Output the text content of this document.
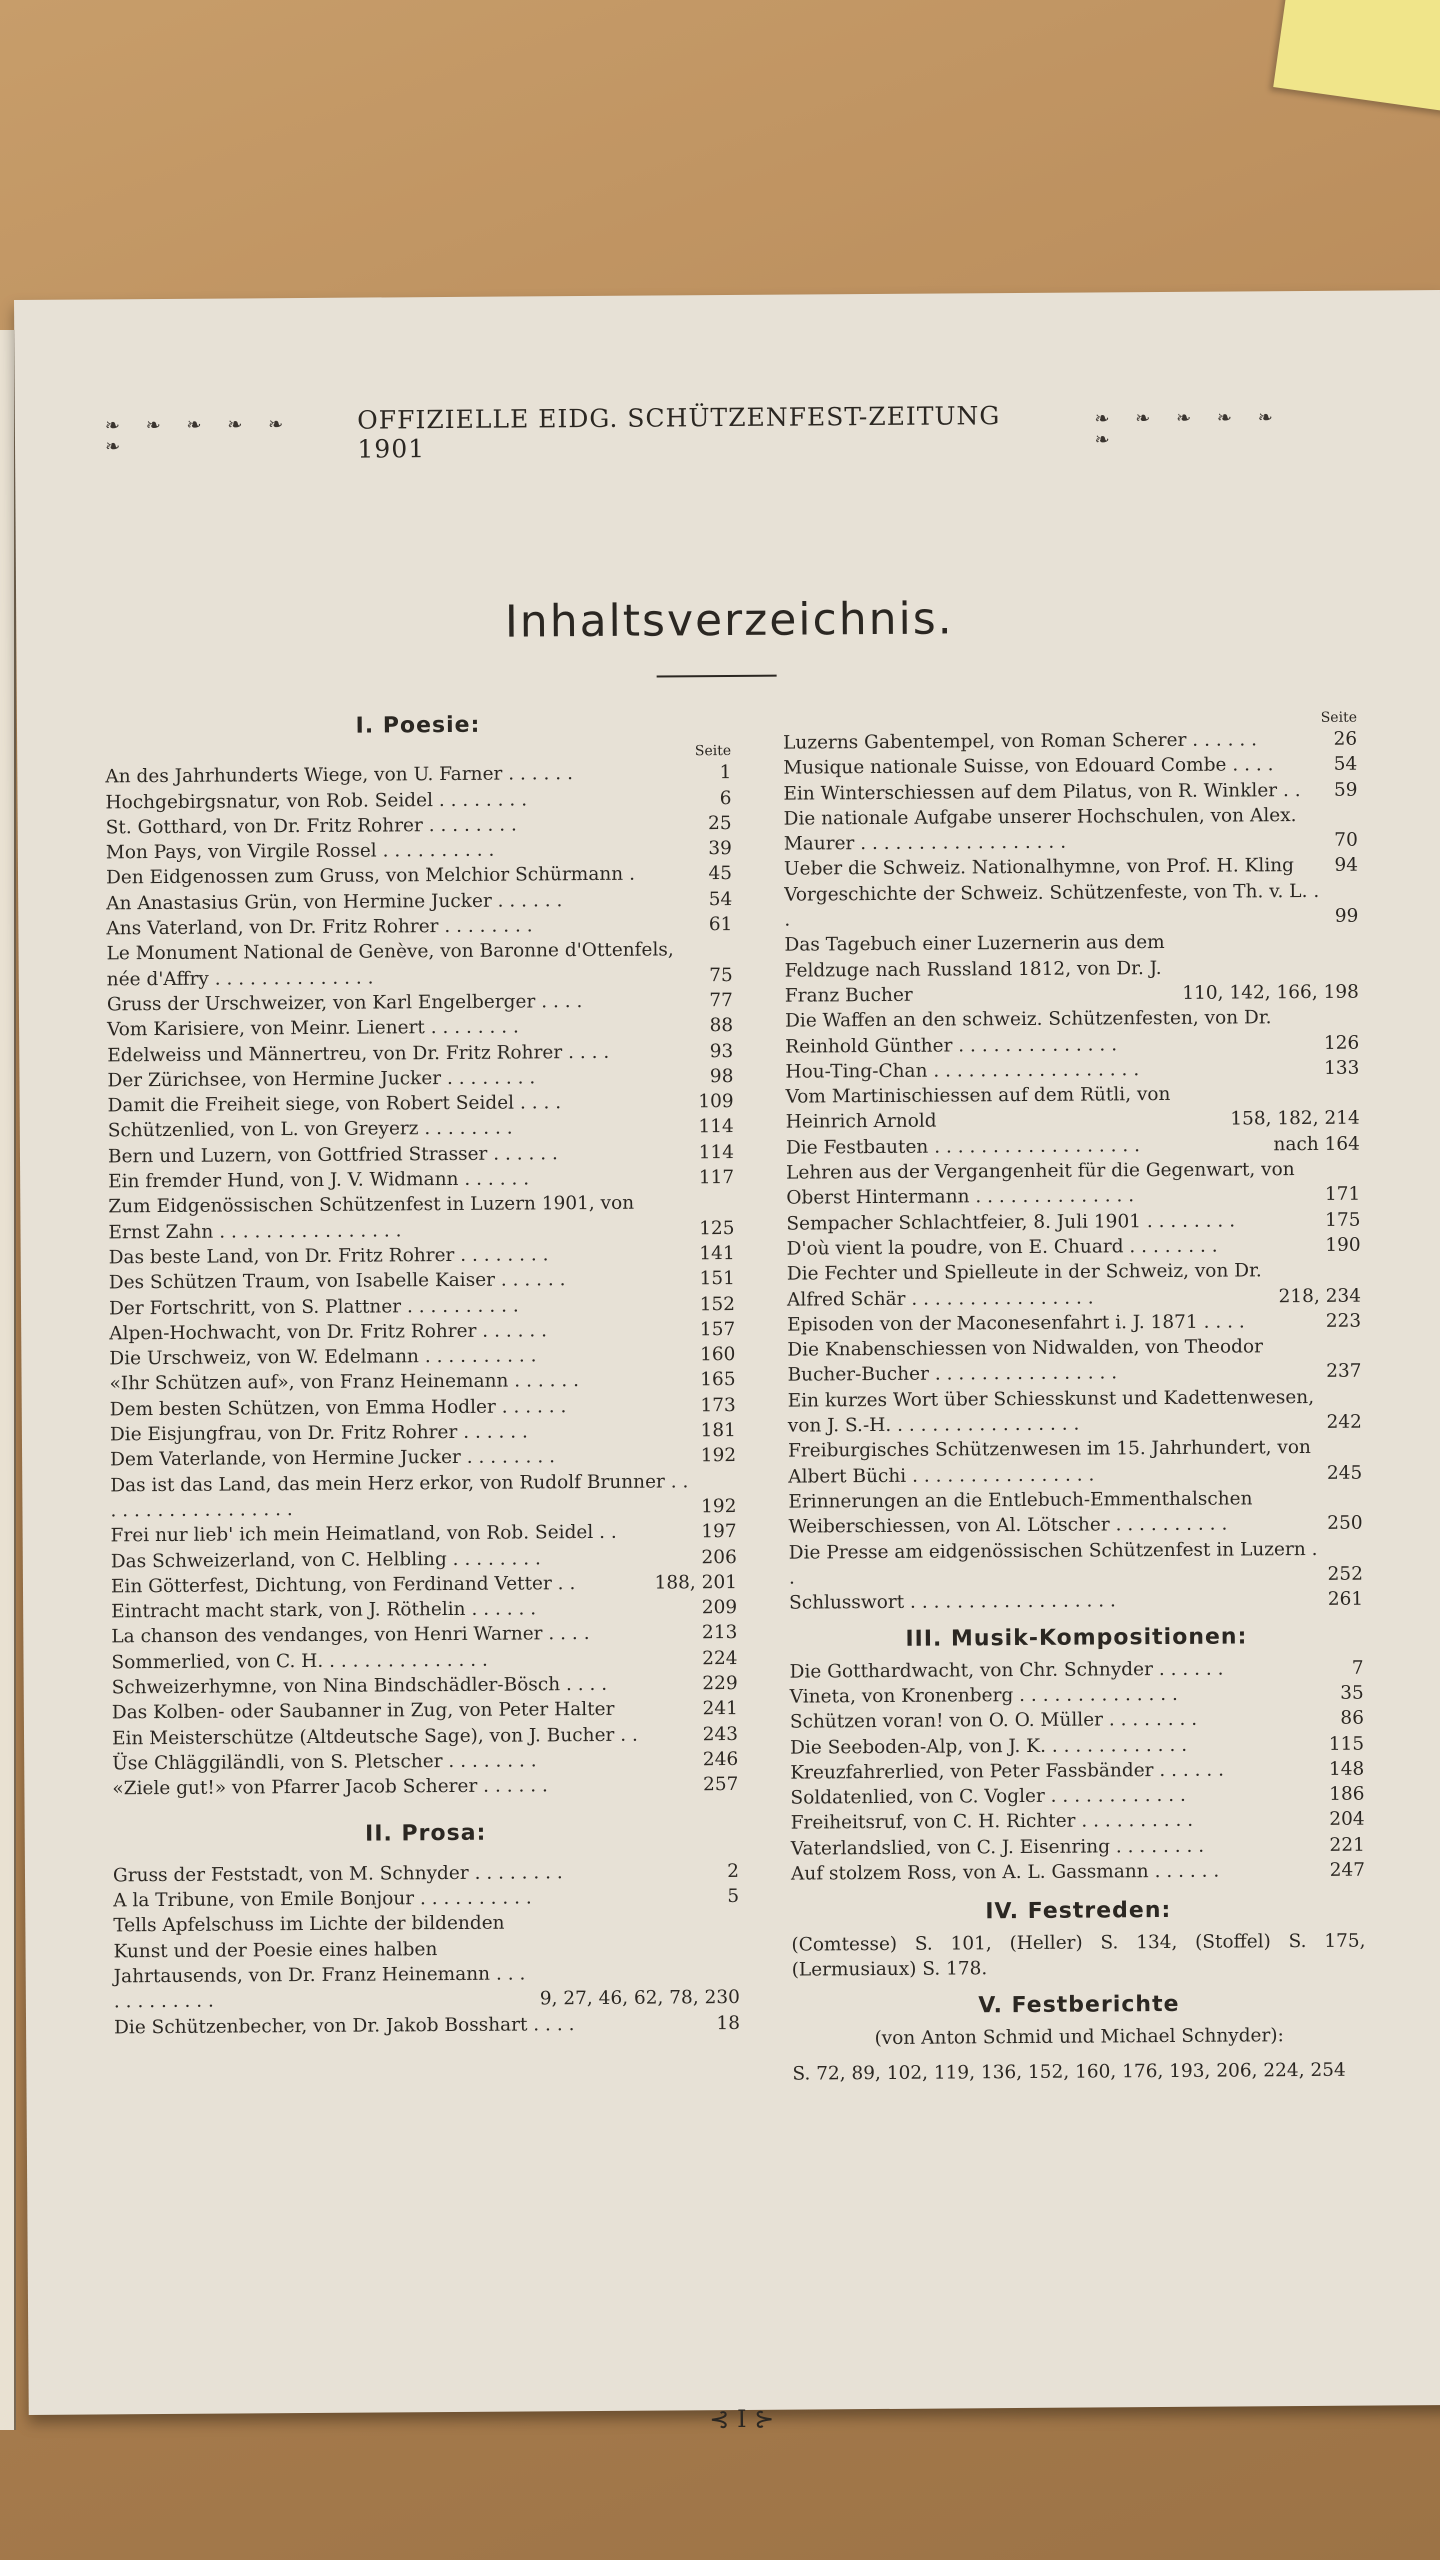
❧ ❧ ❧ ❧ ❧ ❧
OFFIZIELLE EIDG. SCHÜTZENFEST-ZEITUNG 1901
❧ ❧ ❧ ❧ ❧ ❧
Inhaltsverzeichnis.
I. Poesie:
Seite
An des Jahrhunderts Wiege, von U. Farner . . . . . .	1
Hochgebirgsnatur, von Rob. Seidel . . . . . . . .	6
St. Gotthard, von Dr. Fritz Rohrer . . . . . . . .	25
Mon Pays, von Virgile Rossel . . . . . . . . . .	39
Den Eidgenossen zum Gruss, von Melchior Schürmann .	45
An Anastasius Grün, von Hermine Jucker . . . . . .	54
Ans Vaterland, von Dr. Fritz Rohrer . . . . . . . .	61
Le Monument National de Genève, von Baronne d'Ottenfels, née d'Affry . . . . . . . . . . . . . .	75
Gruss der Urschweizer, von Karl Engelberger . . . .	77
Vom Karisiere, von Meinr. Lienert . . . . . . . .	88
Edelweiss und Männertreu, von Dr. Fritz Rohrer . . . .	93
Der Zürichsee, von Hermine Jucker . . . . . . . .	98
Damit die Freiheit siege, von Robert Seidel . . . .	109
Schützenlied, von L. von Greyerz . . . . . . . .	114
Bern und Luzern, von Gottfried Strasser . . . . . .	114
Ein fremder Hund, von J. V. Widmann . . . . . .	117
Zum Eidgenössischen Schützenfest in Luzern 1901, von Ernst Zahn . . . . . . . . . . . . . . . .	125
Das beste Land, von Dr. Fritz Rohrer . . . . . . . .	141
Des Schützen Traum, von Isabelle Kaiser . . . . . .	151
Der Fortschritt, von S. Plattner . . . . . . . . . .	152
Alpen-Hochwacht, von Dr. Fritz Rohrer . . . . . .	157
Die Urschweiz, von W. Edelmann . . . . . . . . . .	160
«Ihr Schützen auf», von Franz Heinemann . . . . . .	165
Dem besten Schützen, von Emma Hodler . . . . . .	173
Die Eisjungfrau, von Dr. Fritz Rohrer . . . . . .	181
Dem Vaterlande, von Hermine Jucker . . . . . . . .	192
Das ist das Land, das mein Herz erkor, von Rudolf Brunner . . . . . . . . . . . . . . . . . .	192
Frei nur lieb' ich mein Heimatland, von Rob. Seidel . .	197
Das Schweizerland, von C. Helbling . . . . . . . .	206
Ein Götterfest, Dichtung, von Ferdinand Vetter . .	188, 201
Eintracht macht stark, von J. Röthelin . . . . . .	209
La chanson des vendanges, von Henri Warner . . . .	213
Sommerlied, von C. H. . . . . . . . . . . . . . .	224
Schweizerhymne, von Nina Bindschädler-Bösch . . . .	229
Das Kolben- oder Saubanner in Zug, von Peter Halter	241
Ein Meisterschütze (Altdeutsche Sage), von J. Bucher . .	243
Üse Chläggiländli, von S. Pletscher . . . . . . . .	246
«Ziele gut!» von Pfarrer Jacob Scherer . . . . . .	257
II. Prosa:
Gruss der Feststadt, von M. Schnyder . . . . . . . .	2
A la Tribune, von Emile Bonjour . . . . . . . . . .	5
Tells Apfelschuss im Lichte der bildenden Kunst und der Poesie eines halben Jahrtausends, von Dr. Franz Heinemann . . . . . . . . . . . .	9, 27, 46, 62, 78, 230
Die Schützenbecher, von Dr. Jakob Bosshart . . . .	18
Seite
Luzerns Gabentempel, von Roman Scherer . . . . . .	26
Musique nationale Suisse, von Edouard Combe . . . .	54
Ein Winterschiessen auf dem Pilatus, von R. Winkler . .	59
Die nationale Aufgabe unserer Hochschulen, von Alex. Maurer . . . . . . . . . . . . . . . . . .	70
Ueber die Schweiz. Nationalhymne, von Prof. H. Kling	94
Vorgeschichte der Schweiz. Schützenfeste, von Th. v. L. . .	99
Das Tagebuch einer Luzernerin aus dem Feldzuge nach Russland 1812, von Dr. J. Franz Bucher	110, 142, 166, 198
Die Waffen an den schweiz. Schützenfesten, von Dr. Reinhold Günther . . . . . . . . . . . . . .	126
Hou-Ting-Chan . . . . . . . . . . . . . . . . . .	133
Vom Martinischiessen auf dem Rütli, von Heinrich Arnold	158, 182, 214
Die Festbauten . . . . . . . . . . . . . . . . . .	nach 164
Lehren aus der Vergangenheit für die Gegenwart, von Oberst Hintermann . . . . . . . . . . . . . .	171
Sempacher Schlachtfeier, 8. Juli 1901 . . . . . . . .	175
D'où vient la poudre, von E. Chuard . . . . . . . .	190
Die Fechter und Spielleute in der Schweiz, von Dr. Alfred Schär . . . . . . . . . . . . . . . .	218, 234
Episoden von der Maconesenfahrt i. J. 1871 . . . .	223
Die Knabenschiessen von Nidwalden, von Theodor Bucher-Bucher . . . . . . . . . . . . . . . .	237
Ein kurzes Wort über Schiesskunst und Kadettenwesen, von J. S.-H. . . . . . . . . . . . . . . . .	242
Freiburgisches Schützenwesen im 15. Jahrhundert, von Albert Büchi . . . . . . . . . . . . . . . .	245
Erinnerungen an die Entlebuch-Emmenthalschen Weiberschiessen, von Al. Lötscher . . . . . . . . . .	250
Die Presse am eidgenössischen Schützenfest in Luzern . .	252
Schlusswort . . . . . . . . . . . . . . . . . .	261
III. Musik-Kompositionen:
Die Gotthardwacht, von Chr. Schnyder . . . . . .	7
Vineta, von Kronenberg . . . . . . . . . . . . . .	35
Schützen voran! von O. O. Müller . . . . . . . .	86
Die Seeboden-Alp, von J. K. . . . . . . . . . . . .	115
Kreuzfahrerlied, von Peter Fassbänder . . . . . .	148
Soldatenlied, von C. Vogler . . . . . . . . . . . .	186
Freiheitsruf, von C. H. Richter . . . . . . . . . .	204
Vaterlandslied, von C. J. Eisenring . . . . . . . .	221
Auf stolzem Ross, von A. L. Gassmann . . . . . .	247
IV. Festreden:
(Comtesse) S. 101, (Heller) S. 134, (Stoffel) S. 175, (Lermusiaux) S. 178.
V. Festberichte
(von Anton Schmid und Michael Schnyder):
S. 72, 89, 102, 119, 136, 152, 160, 176, 193, 206, 224, 254
⊰ I ⊱
